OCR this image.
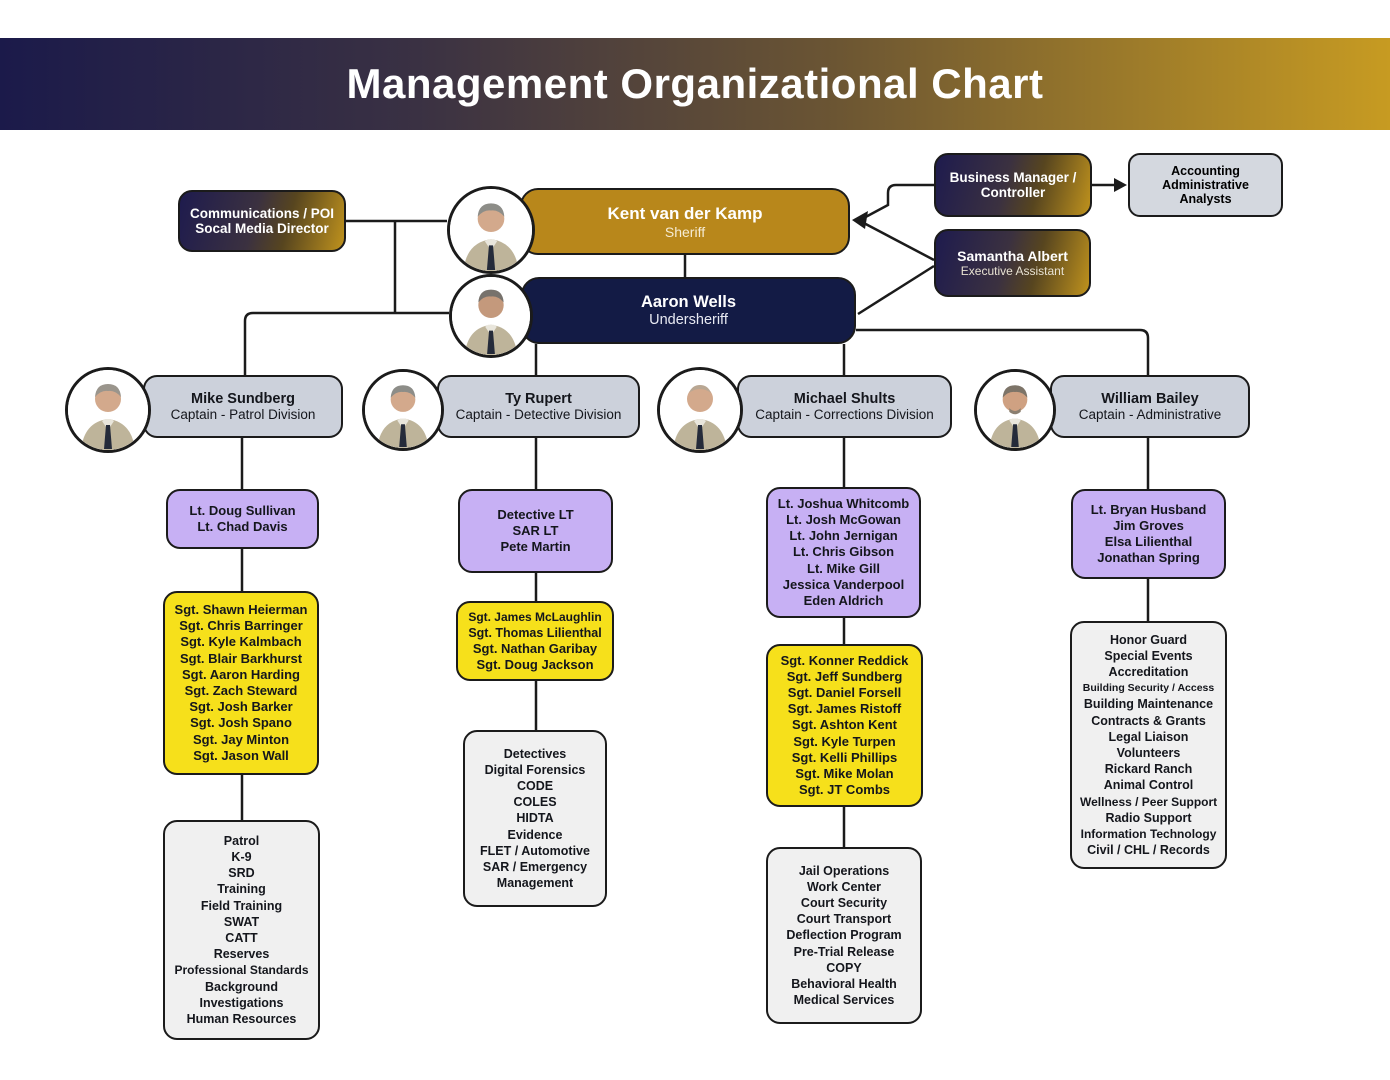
Management Organizational Chart
Communications / POI
Socal Media Director
Kent van der Kamp
Sheriff
Business Manager /
Controller
Accounting
Administrative Analysts
Samantha Albert
Executive Assistant
Aaron Wells
Undersheriff
Mike Sundberg
Captain - Patrol Division
Lt. Doug Sullivan
Lt. Chad Davis
Sgt. Shawn Heierman
Sgt. Chris Barringer
Sgt. Kyle Kalmbach
Sgt. Blair Barkhurst
Sgt. Aaron Harding
Sgt. Zach Steward
Sgt. Josh Barker
Sgt. Josh Spano
Sgt. Jay Minton
Sgt. Jason Wall
Patrol
K-9
SRD
Training
Field Training
SWAT
CATT
Reserves
Professional Standards
Background
Investigations
Human Resources
Ty Rupert
Captain - Detective Division
Detective LT
SAR LT
Pete Martin
Sgt. James McLaughlin
Sgt. Thomas Lilienthal
Sgt. Nathan Garibay
Sgt. Doug Jackson
Detectives
Digital Forensics
CODE
COLES
HIDTA
Evidence
FLET / Automotive
SAR / Emergency Management
Michael Shults
Captain - Corrections Division
Lt. Joshua Whitcomb
Lt. Josh McGowan
Lt. John Jernigan
Lt. Chris Gibson
Lt. Mike Gill
Jessica Vanderpool
Eden Aldrich
Sgt. Konner Reddick
Sgt. Jeff Sundberg
Sgt. Daniel Forsell
Sgt. James Ristoff
Sgt. Ashton Kent
Sgt. Kyle Turpen
Sgt. Kelli Phillips
Sgt. Mike Molan
Sgt. JT Combs
Jail Operations
Work Center
Court Security
Court Transport
Deflection Program
Pre-Trial Release
COPY
Behavioral Health
Medical Services
William Bailey
Captain - Administrative
Lt. Bryan Husband
Jim Groves
Elsa Lilienthal
Jonathan Spring
Honor Guard
Special Events
Accreditation
Building Security / Access
Building Maintenance
Contracts & Grants
Legal Liaison
Volunteers
Rickard Ranch
Animal Control
Wellness / Peer Support
Radio Support
Information Technology
Civil / CHL / Records
